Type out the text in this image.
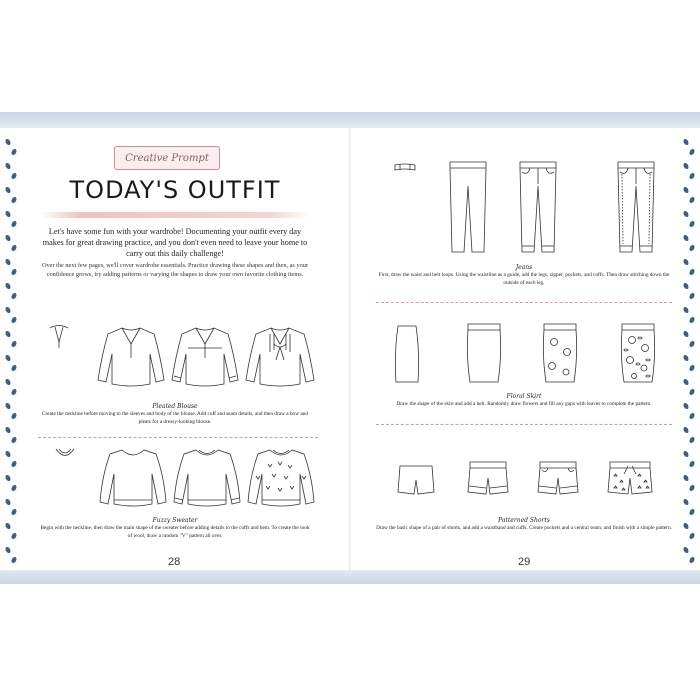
Creative Prompt
TODAY'S OUTFIT
Let's have some fun with your wardrobe! Documenting your outfit every day makes for great drawing practice, and you don't even need to leave your home to carry out this daily challenge!
Over the next few pages, we'll cover wardrobe essentials. Practice drawing these shapes and then, as your confidence grows, try adding patterns or varying the shapes to draw your own favorite clothing items.
Pleated Blouse
Create the neckline before moving to the sleeves and body of the blouse. Add cuff and seam details, and then draw a bow and pleats for a dressy-looking blouse.
Fuzzy Sweater
Begin with the neckline, then draw the main shape of the sweater before adding details to the cuffs and hem. To create the look of wool, draw a random "V" pattern all over.
28
Jeans
First, draw the waist and belt loops. Using the waistline as a guide, add the legs, zipper, pockets, and cuffs. Then draw stitching down the outside of each leg.
Floral Skirt
Draw the shape of the skirt and add a belt. Randomly draw flowers and fill any gaps with leaves to complete the pattern.
Patterned Shorts
Draw the basic shape of a pair of shorts, and add a waistband and cuffs. Create pockets and a central seam, and finish with a simple pattern.
29
